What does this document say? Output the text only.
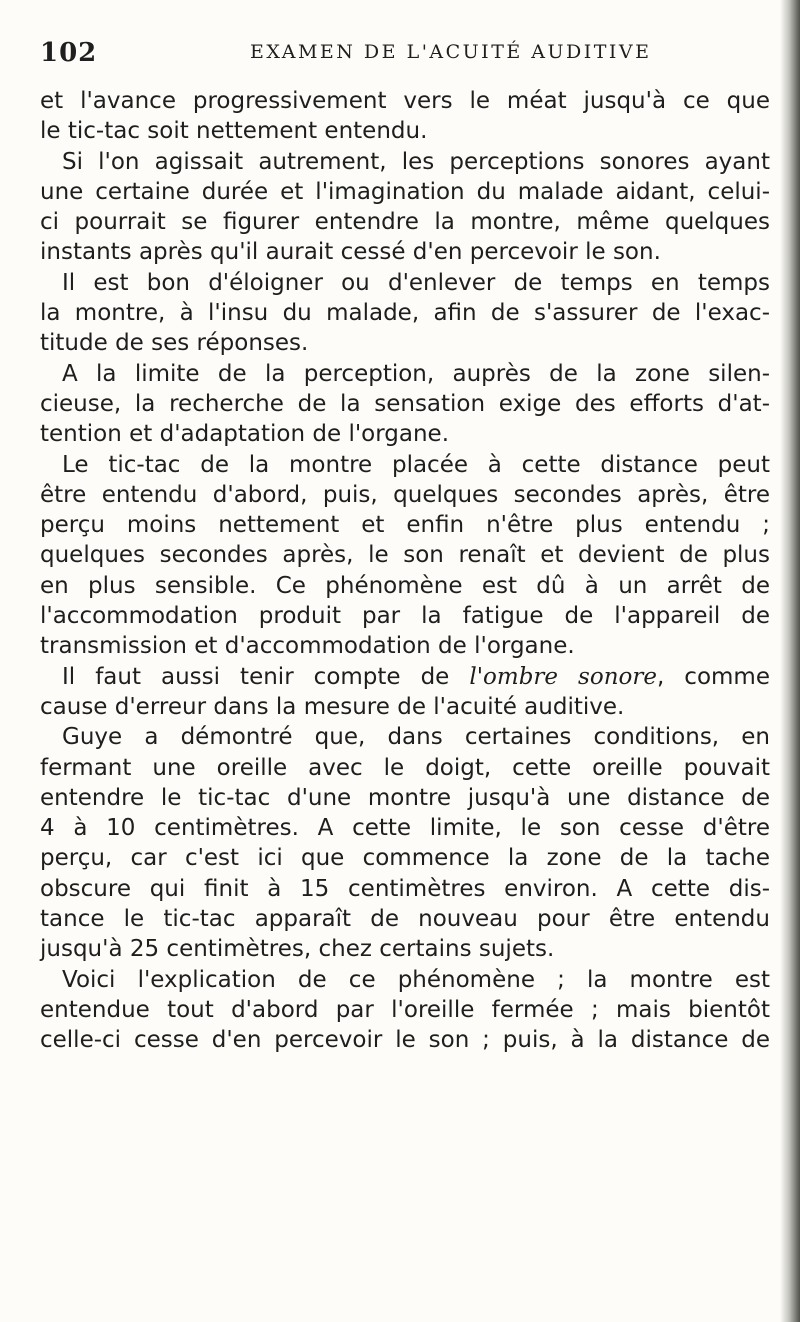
102	EXAMEN DE L'ACUITÉ AUDITIVE
et l'avance progressivement vers le méat jusqu'à ce que
le tic-tac soit nettement entendu.
Si l'on agissait autrement, les perceptions sonores ayant
une certaine durée et l'imagination du malade aidant, celui-
ci pourrait se figurer entendre la montre, même quelques
instants après qu'il aurait cessé d'en percevoir le son.
Il est bon d'éloigner ou d'enlever de temps en temps
la montre, à l'insu du malade, afin de s'assurer de l'exac-
titude de ses réponses.
A la limite de la perception, auprès de la zone silen-
cieuse, la recherche de la sensation exige des efforts d'at-
tention et d'adaptation de l'organe.
Le tic-tac de la montre placée à cette distance peut
être entendu d'abord, puis, quelques secondes après, être
perçu moins nettement et enfin n'être plus entendu ;
quelques secondes après, le son renaît et devient de plus
en plus sensible. Ce phénomène est dû à un arrêt de
l'accommodation produit par la fatigue de l'appareil de
transmission et d'accommodation de l'organe.
Il faut aussi tenir compte de l'ombre sonore, comme
cause d'erreur dans la mesure de l'acuité auditive.
Guye a démontré que, dans certaines conditions, en
fermant une oreille avec le doigt, cette oreille pouvait
entendre le tic-tac d'une montre jusqu'à une distance de
4 à 10 centimètres. A cette limite, le son cesse d'être
perçu, car c'est ici que commence la zone de la tache
obscure qui finit à 15 centimètres environ. A cette dis-
tance le tic-tac apparaît de nouveau pour être entendu
jusqu'à 25 centimètres, chez certains sujets.
Voici l'explication de ce phénomène ; la montre est
entendue tout d'abord par l'oreille fermée ; mais bientôt
celle-ci cesse d'en percevoir le son ; puis, à la distance de
